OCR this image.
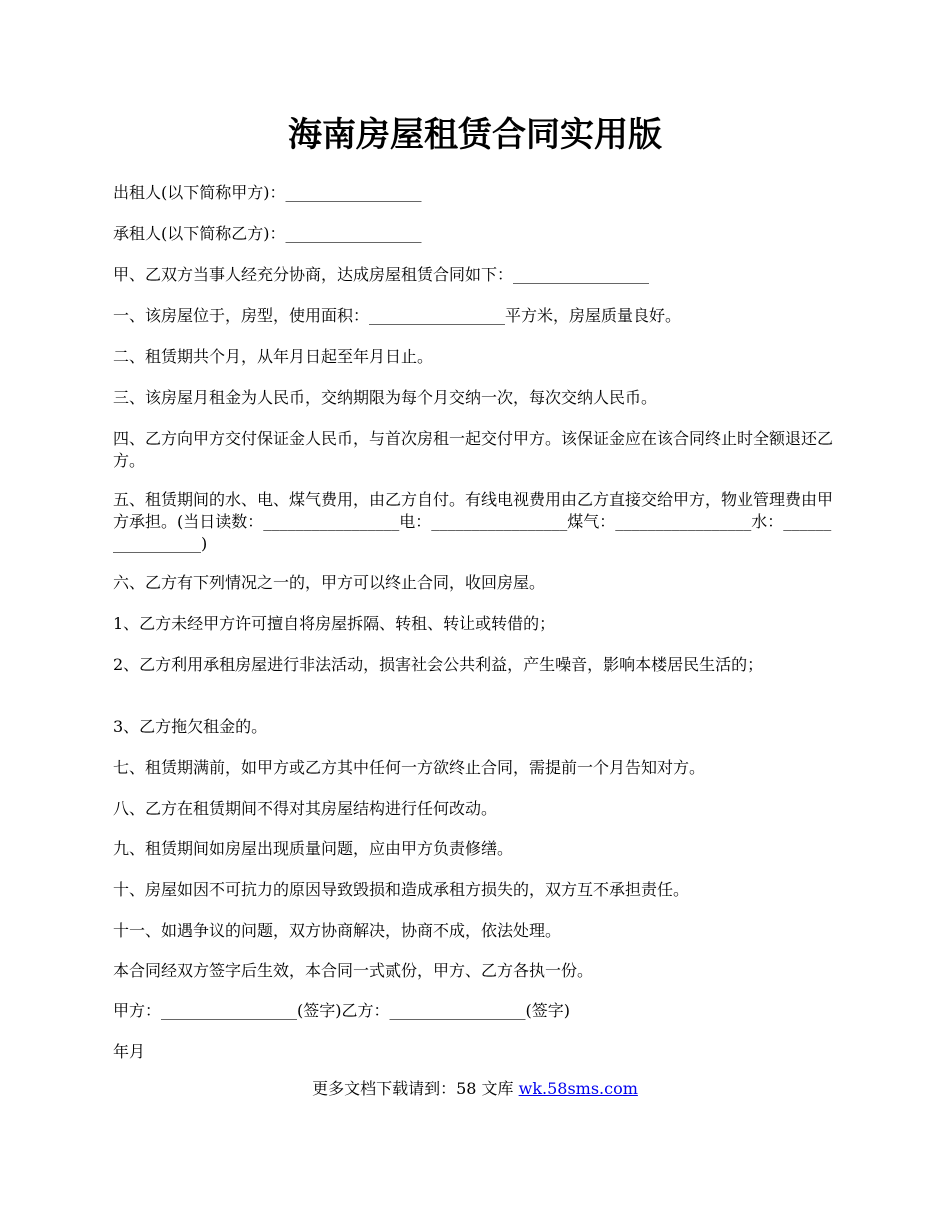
海南房屋租赁合同实用版

出租人(以下简称甲方)：_________________

承租人(以下简称乙方)：_________________

甲、乙双方当事人经充分协商，达成房屋租赁合同如下：_________________

一、该房屋位于，房型，使用面积：_________________平方米，房屋质量良好。

二、租赁期共个月，从年月日起至年月日止。

三、该房屋月租金为人民币，交纳期限为每个月交纳一次，每次交纳人民币。

四、乙方向甲方交付保证金人民币，与首次房租一起交付甲方。该保证金应在该合同终止时全额退还乙方。

五、租赁期间的水、电、煤气费用，由乙方自付。有线电视费用由乙方直接交给甲方，物业管理费由甲方承担。(当日读数：_________________电：_________________煤气：_________________水：_________________)

六、乙方有下列情况之一的，甲方可以终止合同，收回房屋。

1、乙方未经甲方许可擅自将房屋拆隔、转租、转让或转借的；

2、乙方利用承租房屋进行非法活动，损害社会公共利益，产生噪音，影响本楼居民生活的；

3、乙方拖欠租金的。

七、租赁期满前，如甲方或乙方其中任何一方欲终止合同，需提前一个月告知对方。

八、乙方在租赁期间不得对其房屋结构进行任何改动。

九、租赁期间如房屋出现质量问题，应由甲方负责修缮。

十、房屋如因不可抗力的原因导致毁损和造成承租方损失的，双方互不承担责任。

十一、如遇争议的问题，双方协商解决，协商不成，依法处理。

本合同经双方签字后生效，本合同一式贰份，甲方、乙方各执一份。

甲方：_________________(签字)乙方：_________________(签字)

年月

更多文档下载请到：58 文库 wk.58sms.com
